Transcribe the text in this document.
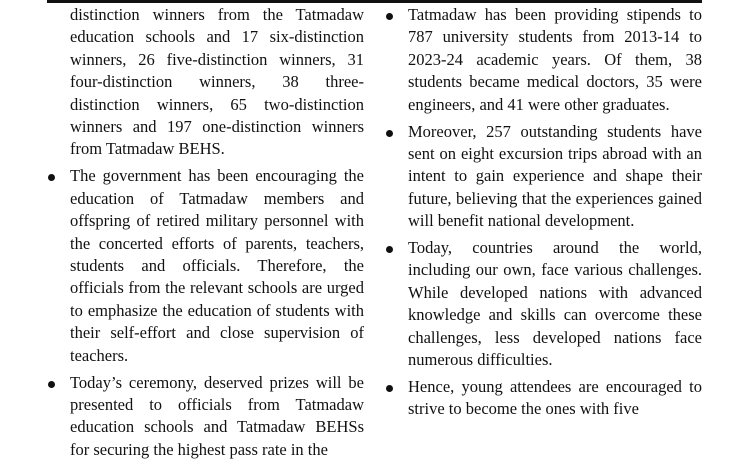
distinction winners from the Tatmadaw education schools and 17 six-distinction winners, 26 five-distinction winners, 31 four-distinction winners, 38 three-distinction winners, 65 two-distinction winners and 197 one-distinction winners from Tatmadaw BEHS.

The government has been encouraging the education of Tatmadaw members and offspring of retired military personnel with the concerted efforts of parents, teachers, students and officials. Therefore, the officials from the relevant schools are urged to emphasize the education of students with their self-effort and close supervision of teachers.

Today’s ceremony, deserved prizes will be presented to officials from Tatmadaw education schools and Tatmadaw BEHSs for securing the highest pass rate in the

Tatmadaw has been providing stipends to 787 university students from 2013-14 to 2023-24 academic years. Of them, 38 students became medical doctors, 35 were engineers, and 41 were other graduates.

Moreover, 257 outstanding students have sent on eight excursion trips abroad with an intent to gain experience and shape their future, believing that the experiences gained will benefit national development.

Today, countries around the world, including our own, face various challenges. While developed nations with advanced knowledge and skills can overcome these challenges, less developed nations face numerous difficulties.

Hence, young attendees are encouraged to strive to become the ones with five
